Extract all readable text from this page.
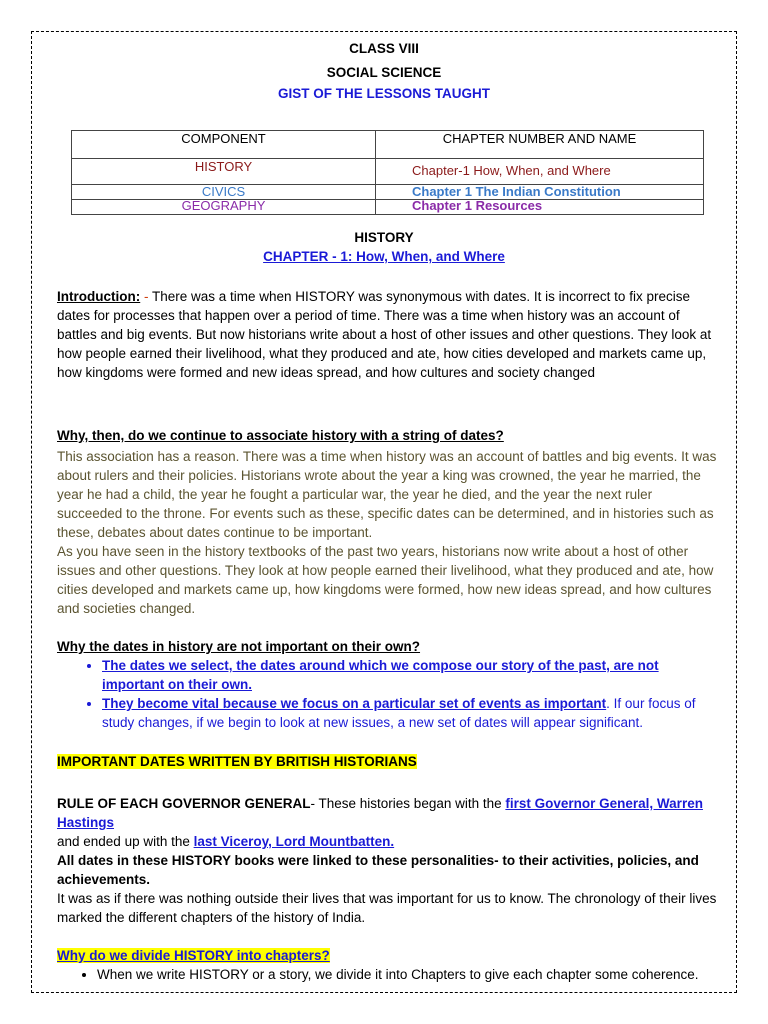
CLASS VIII
SOCIAL SCIENCE
GIST OF THE LESSONS TAUGHT
COMPONENT	CHAPTER NUMBER AND NAME
HISTORY	Chapter-1 How, When, and Where
CIVICS	Chapter 1 The Indian Constitution
GEOGRAPHY	Chapter 1 Resources
HISTORY
CHAPTER - 1: How, When, and Where

Introduction: - There was a time when HISTORY was synonymous with dates. It is incorrect to fix precise dates for processes that happen over a period of time. There was a time when history was an account of battles and big events. But now historians write about a host of other issues and other questions. They look at how people earned their livelihood, what they produced and ate, how cities developed and markets came up, how kingdoms were formed and new ideas spread, and how cultures and society changed

Why, then, do we continue to associate history with a string of dates?

This association has a reason. There was a time when history was an account of battles and big events. It was about rulers and their policies. Historians wrote about the year a king was crowned, the year he married, the year he had a child, the year he fought a particular war, the year he died, and the year the next ruler succeeded to the throne. For events such as these, specific dates can be determined, and in histories such as these, debates about dates continue to be important.

As you have seen in the history textbooks of the past two years, historians now write about a host of other issues and other questions. They look at how people earned their livelihood, what they produced and ate, how cities developed and markets came up, how kingdoms were formed, how new ideas spread, and how cultures and societies changed.

Why the dates in history are not important on their own?

• The dates we select, the dates around which we compose our story of the past, are not important on their own.
• They become vital because we focus on a particular set of events as important. If our focus of study changes, if we begin to look at new issues, a new set of dates will appear significant.
IMPORTANT DATES WRITTEN BY BRITISH HISTORIANS

RULE OF EACH GOVERNOR GENERAL- These histories began with the first Governor General, Warren Hastings

and ended up with the last Viceroy, Lord Mountbatten.

All dates in these HISTORY books were linked to these personalities- to their activities, policies, and achievements.

It was as if there was nothing outside their lives that was important for us to know. The chronology of their lives marked the different chapters of the history of India.

Why do we divide HISTORY into chapters?

• When we write HISTORY or a story, we divide it into Chapters to give each chapter some coherence.
